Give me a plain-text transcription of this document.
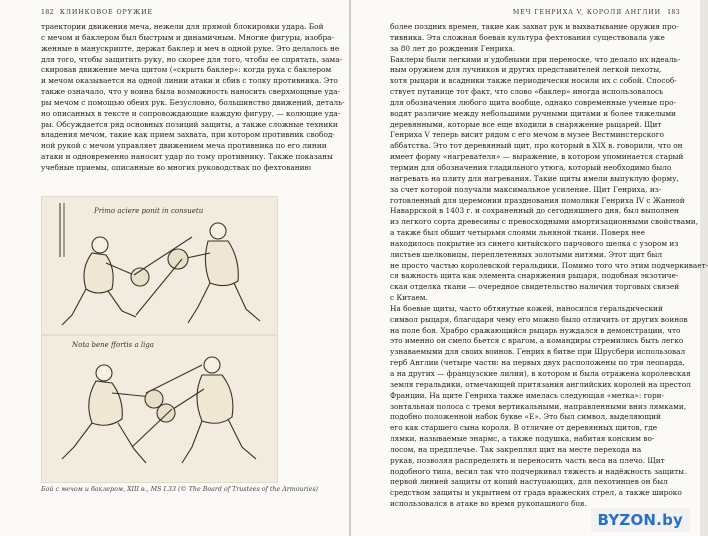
182 КЛИНКОВОЕ ОРУЖИЕ
траектории движения меча, нежели для прямой блокировки удара. Бой
с мечом и баклером был быстрым и динамичным. Многие фигуры, изобра-
женные в манускрипте, держат баклер и меч в одной руке. Это делалось не
для того, чтобы защитить руку, но скорее для того, чтобы ее спрятать, зама-
скировав движение меча щитом («скрыть баклер»: когда рука с баклером
и мечом оказывается на одной линии атаки и сбив с толку противника. Это
также означало, что у воина была возможность наносить сверхмощные уда-
ры мечом с помощью обеих рук. Безусловно, большинство движений, деталь-
но описанных в тексте и сопровождающие каждую фигуру, — колющие уда-
ры. Обсуждается ряд основных позиций защиты, а также сложные техники
владения мечом, такие как прием захвата, при котором противник свобод-
ной рукой с мечом управляет движением меча противника по его линии
атаки и одновременно наносит удар по тому противнику. Также показаны
учебные приемы, описанные во многих руководствах по фехтованию
Primo aciere ponit in consuetu
Nota bene ffortis a liga
Бой с мечом и баклером, XIII в., MS I.33 (© The Board of Trustees of the Armouries)
МЕЧ ГЕНРИХА V, КОРОЛЯ АНГЛИИ 183
более поздних времен, такие как захват рук и выхватывание оружия про-
тивника. Эта сложная боевая культура фехтования существовала уже
за 80 лет до рождения Генриха.
Баклеры были легкими и удобными при переноске, что делало их идеаль-
ным оружием для лучников и других представителей легкой пехоты,
хотя рыцари и всадники также периодически носили их с собой. Способ-
ствует путанице тот факт, что слово «баклер» иногда использовалось
для обозначения любого щита вообще, однако современные ученые про-
водят различие между небольшими ручными щитами и более тяжелыми
деревянными, которые все еще входили в снаряжение рыцарей. Щит
Генриха V теперь висит рядом с его мечом в музее Вестминстерского
аббатства. Это тот деревянный щит, про который в XIX в. говорили, что он
имеет форму «нагревателя» — выражение, в котором упоминается старый
термин для обозначения гладильного утюга, который необходимо было
нагревать на плиту для нагревания. Такие щиты имели выпуклую форму,
за счет которой получали максимальное усиление. Щит Генриха, из-
готовленный для церемонии празднования помолвки Генриха IV с Жанной
Наваррской в 1403 г. и сохраненный до сегодняшнего дня, был выполнен
из легкого сорта древесины с превосходными амортизационными свойствами,
а также был обшит четырьмя слоями льняной ткани. Поверх нее
находилось покрытие из синего китайского парчового шелка с узором из
листьев шелковицы, переплетенных золотыми нитями. Этот щит был
не просто частью королевской геральдики. Помимо того что этим подчеркивает-
ся важность щита как элемента снаряжения рыцаря, подобная экзотиче-
ская отделка ткани — очередное свидетельство наличия торговых связей
с Китаем.
На боевые щиты, часто обтянутые кожей, наносился геральдический
символ рыцаря, благодаря чему его можно было отличить от других воинов
на поле боя. Храбро сражающийся рыцарь нуждался в демонстрации, что
это именно он смело бьется с врагом, а командиры стремились быть легко
узнаваемыми для своих воинов. Генрих в битве при Шрусбери использовал
герб Англии (четыре части: на первых двух расположены по три леопарда,
а на других — французские лилии), в котором и была отражена королевская
земля геральдики, отмечающей притязания английских королей на престол
Франции. На щите Генриха также имелась следующая «метка»: гори-
зонтальная полоса с тремя вертикальными, направленными вниз лямками,
подобно положенной набок букве «Е». Это был символ, выделяющий
его как старшего сына короля. В отличие от деревянных щитов, где
лямки, называемые энармс, а также подушка, набитая конским во-
лосом, на предплечье. Так закреплял щит на месте перехода на
рукав, позволяя распределять и переносить часть веса на плечо. Щит
подобного типа, весил так что подчеркивал тяжесть и надёжность защиты.
первой линией защиты от копий наступающих, для пехотинцев он был
средством защиты и укрытием от града вражеских стрел, а также широко
использовался в атаке во время рукопашного боя.
BYZON.by
